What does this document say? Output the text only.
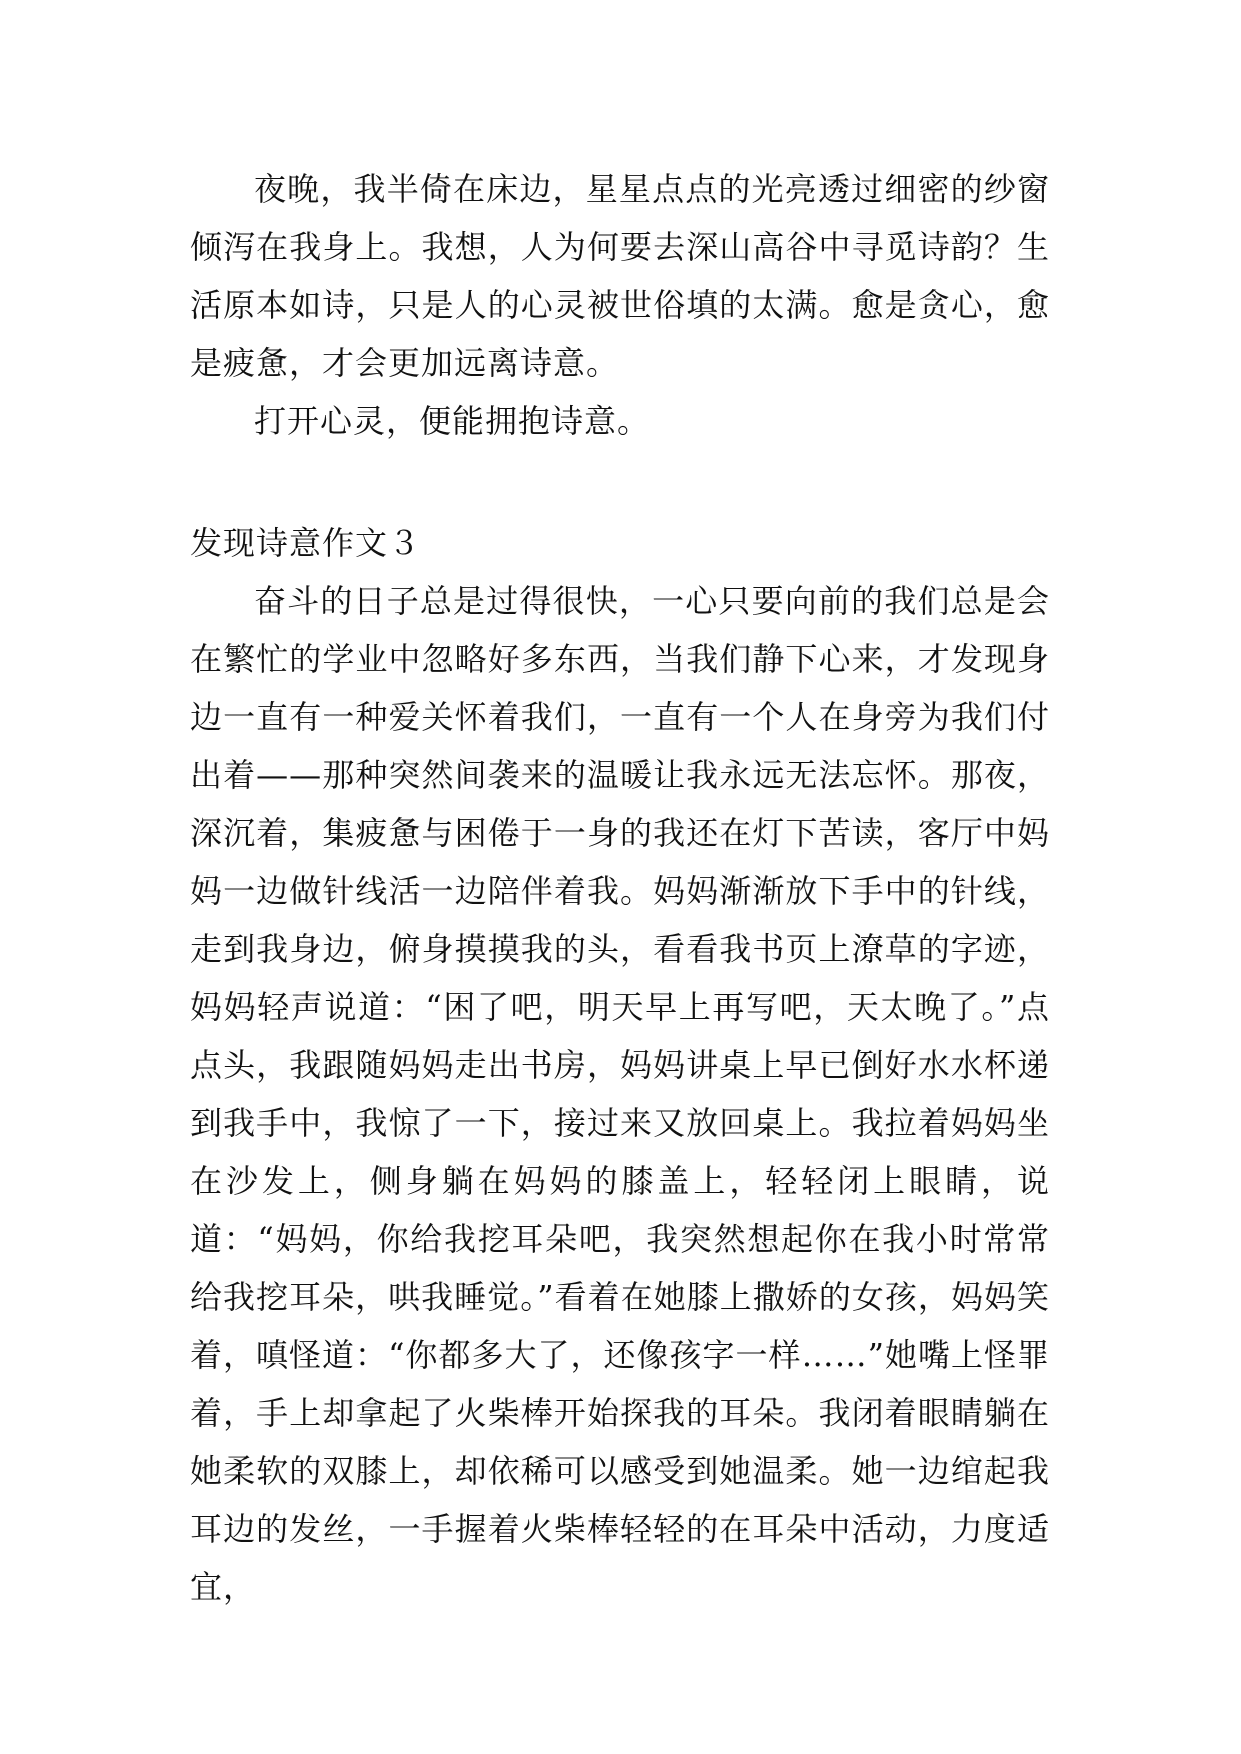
夜晚，我半倚在床边，星星点点的光亮透过细密的纱窗倾泻在我身上。我想，人为何要去深山高谷中寻觅诗韵？生活原本如诗，只是人的心灵被世俗填的太满。愈是贪心，愈是疲惫，才会更加远离诗意。

打开心灵，便能拥抱诗意。

发现诗意作文３

奋斗的日子总是过得很快，一心只要向前的我们总是会在繁忙的学业中忽略好多东西，当我们静下心来，才发现身边一直有一种爱关怀着我们，一直有一个人在身旁为我们付出着——那种突然间袭来的温暖让我永远无法忘怀。那夜，深沉着，集疲惫与困倦于一身的我还在灯下苦读，客厅中妈妈一边做针线活一边陪伴着我。妈妈渐渐放下手中的针线，走到我身边，俯身摸摸我的头，看看我书页上潦草的字迹，妈妈轻声说道：“困了吧，明天早上再写吧，天太晚了。”点点头，我跟随妈妈走出书房，妈妈讲桌上早已倒好水水杯递到我手中，我惊了一下，接过来又放回桌上。我拉着妈妈坐在沙发上，侧身躺在妈妈的膝盖上，轻轻闭上眼睛，说道：“妈妈，你给我挖耳朵吧，我突然想起你在我小时常常给我挖耳朵，哄我睡觉。”看着在她膝上撒娇的女孩，妈妈笑着，嗔怪道：“你都多大了，还像孩字一样……”她嘴上怪罪着，手上却拿起了火柴棒开始探我的耳朵。我闭着眼睛躺在她柔软的双膝上，却依稀可以感受到她温柔。她一边绾起我耳边的发丝，一手握着火柴棒轻轻的在耳朵中活动，力度适宜，
